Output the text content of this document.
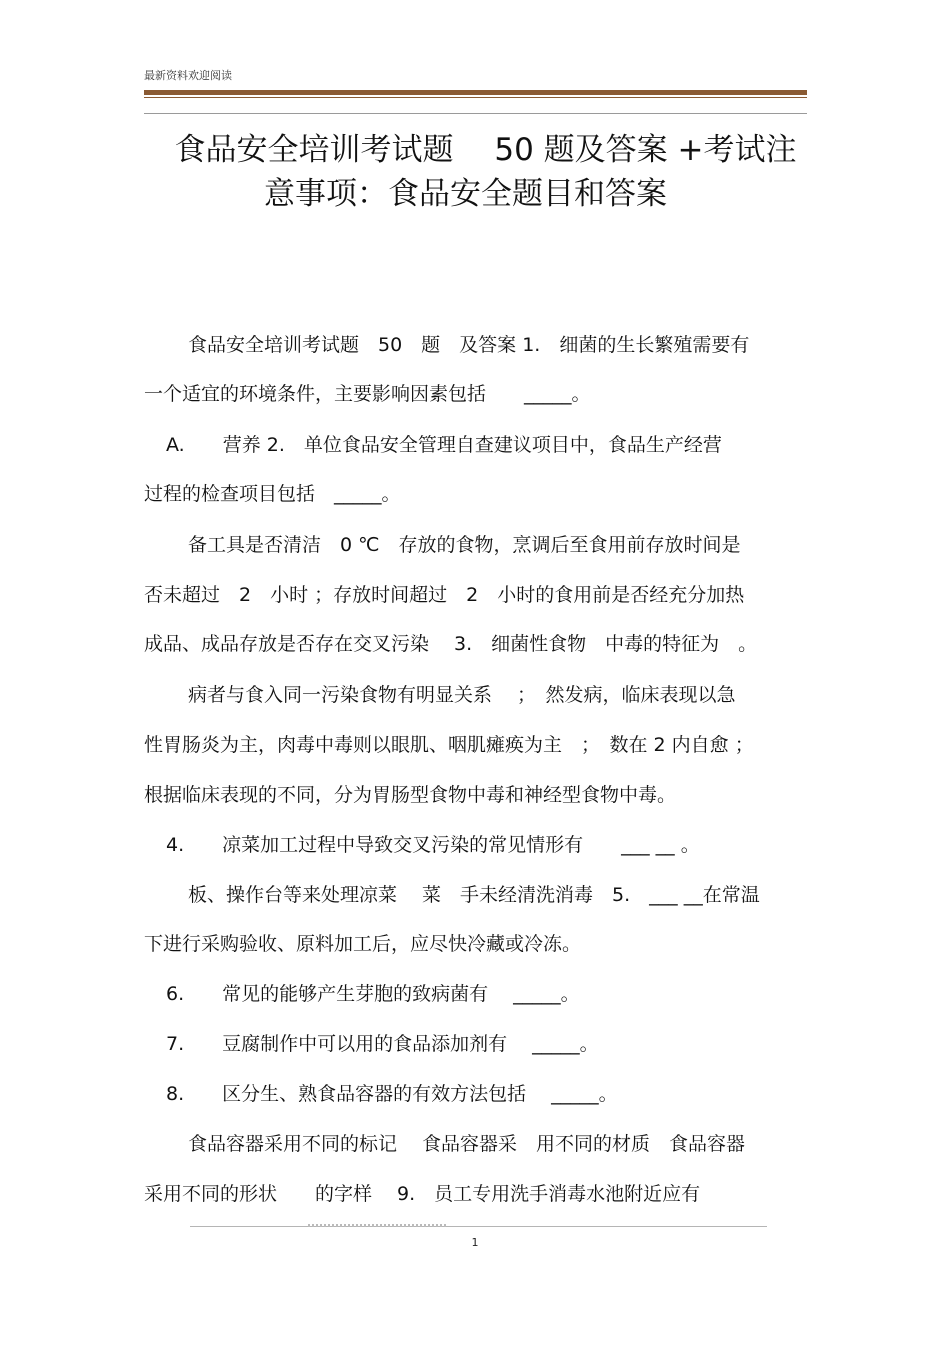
最新资料欢迎阅读
食品安全培训考试题　 50 题及答案 +考试注
意事项：食品安全题目和答案
食品安全培训考试题　50　题　及答案 1.　细菌的生长繁殖需要有
一个适宜的环境条件，主要影响因素包括　　_____。
A.　　营养 2.　单位食品安全管理自查建议项目中，食品生产经营
过程的检查项目包括　_____。
备工具是否清洁　0 ℃　存放的食物，烹调后至食用前存放时间是
否未超过　2　小时 ；存放时间超过　2　小时的食用前是否经充分加热
成品、成品存放是否存在交叉污染　 3.　细菌性食物　中毒的特征为　。
病者与食入同一污染食物有明显关系　 ；　然发病，临床表现以急
性胃肠炎为主，肉毒中毒则以眼肌、咽肌瘫痪为主　；　数在 2 内自愈 ；
根据临床表现的不同，分为胃肠型食物中毒和神经型食物中毒。
4.　　凉菜加工过程中导致交叉污染的常见情形有　　___ __ 。
板、操作台等来处理凉菜　 菜　手未经清洗消毒　5.　___ __在常温
下进行采购验收、原料加工后，应尽快冷藏或冷冻。
6.　　常见的能够产生芽胞的致病菌有　 _____。
7.　　豆腐制作中可以用的食品添加剂有　 _____。
8.　　区分生、熟食品容器的有效方法包括　 _____。
食品容器采用不同的标记　 食品容器采　用不同的材质　食品容器
采用不同的形状　　的字样　 9.　员工专用洗手消毒水池附近应有
1
